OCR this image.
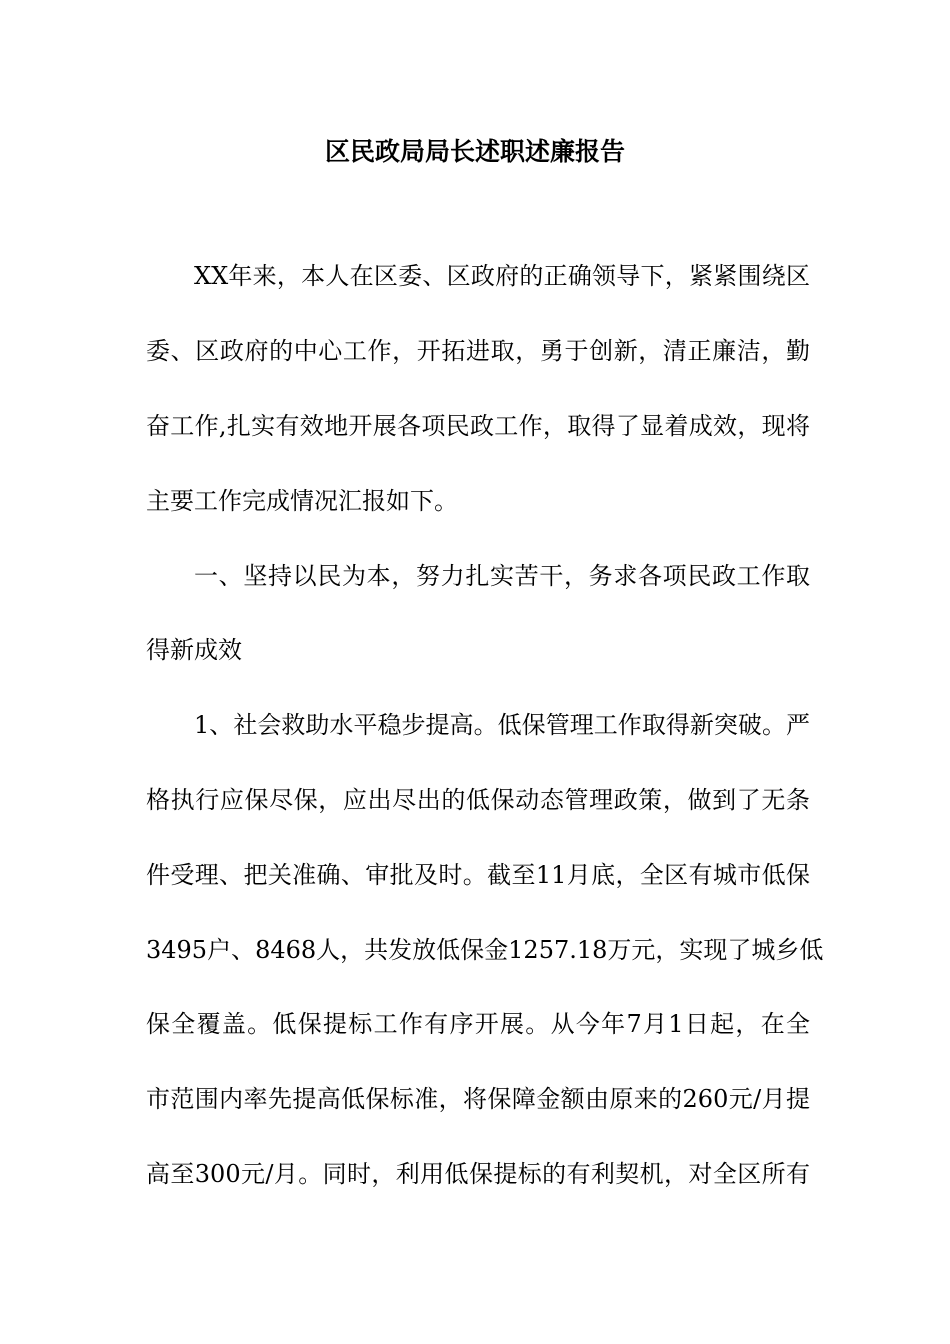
区民政局局长述职述廉报告
XX年来，本人在区委、区政府的正确领导下，紧紧围绕区
委、区政府的中心工作，开拓进取，勇于创新，清正廉洁，勤
奋工作,扎实有效地开展各项民政工作，取得了显着成效，现将
主要工作完成情况汇报如下。
一、坚持以民为本，努力扎实苦干，务求各项民政工作取
得新成效
1、社会救助水平稳步提高。低保管理工作取得新突破。严
格执行应保尽保，应出尽出的低保动态管理政策，做到了无条
件受理、把关准确、审批及时。截至11月底，全区有城市低保
3495户、8468人，共发放低保金1257.18万元，实现了城乡低
保全覆盖。低保提标工作有序开展。从今年7月1日起，在全
市范围内率先提高低保标准，将保障金额由原来的260元/月提
高至300元/月。同时，利用低保提标的有利契机，对全区所有
